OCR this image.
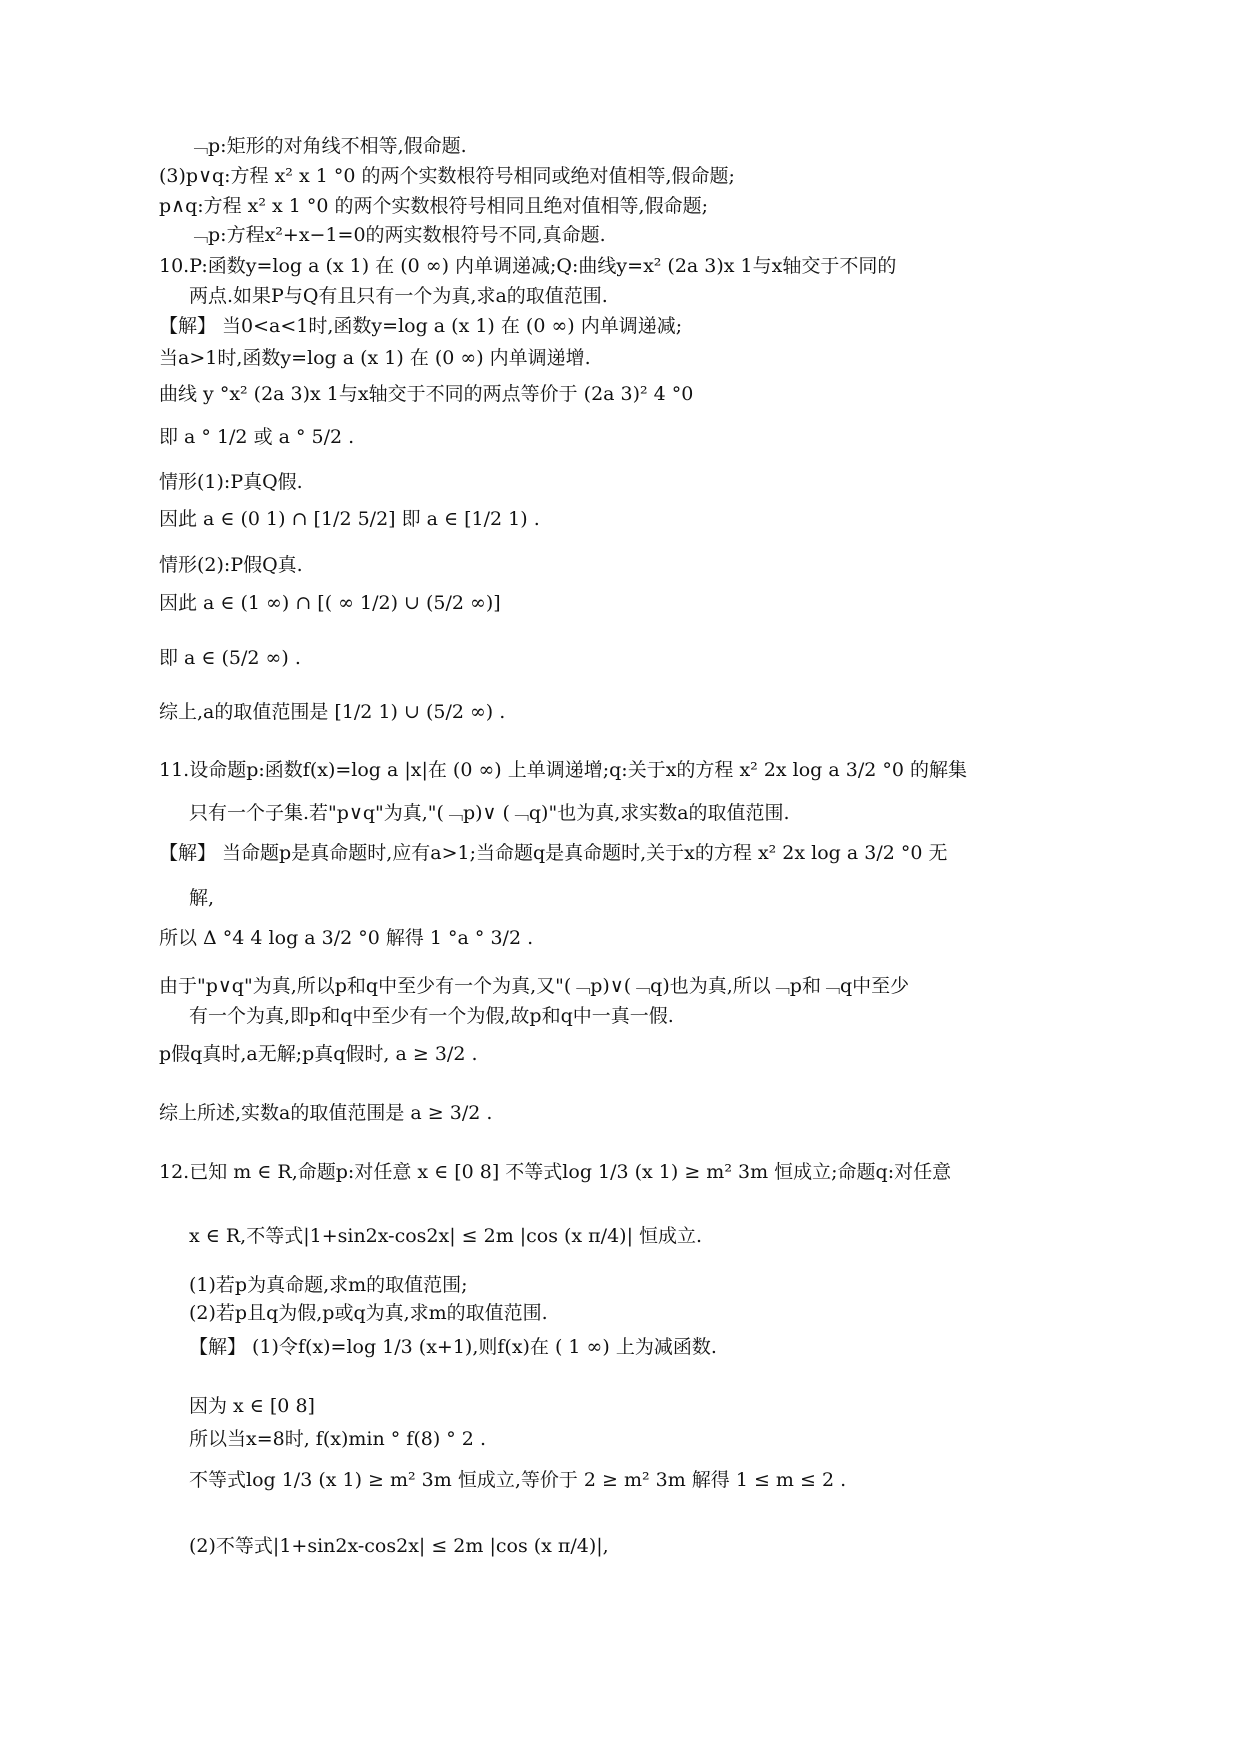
﹁p:矩形的对角线不相等,假命题.
(3)p∨q:方程 x² x 1 °0 的两个实数根符号相同或绝对值相等,假命题;
p∧q:方程 x² x 1 °0 的两个实数根符号相同且绝对值相等,假命题;
﹁p:方程x²+x−1=0的两实数根符号不同,真命题.
10.P:函数y=log a (x 1) 在 (0 ∞) 内单调递减;Q:曲线y=x² (2a 3)x 1与x轴交于不同的
两点.如果P与Q有且只有一个为真,求a的取值范围.
【解】 当0<a<1时,函数y=log a (x 1) 在 (0 ∞) 内单调递减;
当a>1时,函数y=log a (x 1) 在 (0 ∞) 内单调递增.
曲线 y °x² (2a 3)x 1与x轴交于不同的两点等价于 (2a 3)² 4 °0
即 a ° 1/2 或 a ° 5/2 .
情形(1):P真Q假.
因此 a ∈ (0 1) ∩ [1/2 5/2] 即 a ∈ [1/2 1) .
情形(2):P假Q真.
因此 a ∈ (1 ∞) ∩ [( ∞ 1/2) ∪ (5/2 ∞)]
即 a ∈ (5/2 ∞) .
综上,a的取值范围是 [1/2 1) ∪ (5/2 ∞) .
11.设命题p:函数f(x)=log a |x|在 (0 ∞) 上单调递增;q:关于x的方程 x² 2x log a 3/2 °0 的解集
只有一个子集.若"p∨q"为真,"(﹁p)∨ (﹁q)"也为真,求实数a的取值范围.
【解】 当命题p是真命题时,应有a>1;当命题q是真命题时,关于x的方程 x² 2x log a 3/2 °0 无
解,
所以 Δ °4 4 log a 3/2 °0 解得 1 °a ° 3/2 .
由于"p∨q"为真,所以p和q中至少有一个为真,又"(﹁p)∨(﹁q)也为真,所以﹁p和﹁q中至少
有一个为真,即p和q中至少有一个为假,故p和q中一真一假.
p假q真时,a无解;p真q假时, a ≥ 3/2 .
综上所述,实数a的取值范围是 a ≥ 3/2 .
12.已知 m ∈ R,命题p:对任意 x ∈ [0 8] 不等式log 1/3 (x 1) ≥ m² 3m 恒成立;命题q:对任意
x ∈ R,不等式|1+sin2x-cos2x| ≤ 2m |cos (x π/4)| 恒成立.
(1)若p为真命题,求m的取值范围;
(2)若p且q为假,p或q为真,求m的取值范围.
【解】 (1)令f(x)=log 1/3 (x+1),则f(x)在 ( 1 ∞) 上为减函数.
因为 x ∈ [0 8]
所以当x=8时, f(x)min ° f(8) ° 2 .
不等式log 1/3 (x 1) ≥ m² 3m 恒成立,等价于 2 ≥ m² 3m 解得 1 ≤ m ≤ 2 .
(2)不等式|1+sin2x-cos2x| ≤ 2m |cos (x π/4)|,
